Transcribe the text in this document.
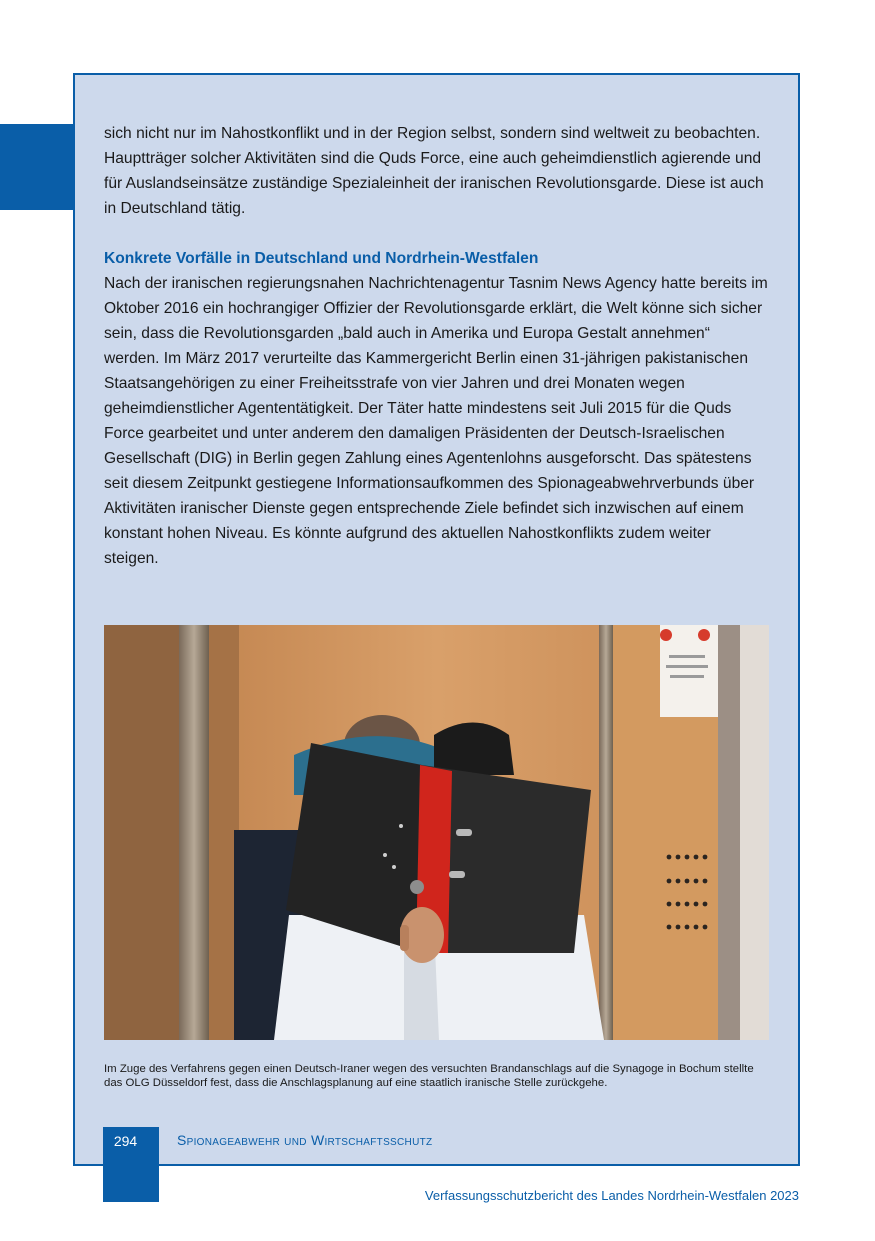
sich nicht nur im Nahostkonflikt und in der Region selbst, sondern sind weltweit zu beobachten. Hauptträger solcher Aktivitäten sind die Quds Force, eine auch geheimdienstlich agierende und für Auslandseinsätze zuständige Spezialeinheit der iranischen Revolutionsgarde. Diese ist auch in Deutschland tätig.

Konkrete Vorfälle in Deutschland und Nordrhein-Westfalen

Nach der iranischen regierungsnahen Nachrichtenagentur Tasnim News Agency hatte bereits im Oktober 2016 ein hochrangiger Offizier der Revolutionsgarde erklärt, die Welt könne sich sicher sein, dass die Revolutionsgarden „bald auch in Amerika und Europa Gestalt annehmen“ werden. Im März 2017 verurteilte das Kammergericht Berlin einen 31-jährigen pakistanischen Staatsangehörigen zu einer Freiheitsstrafe von vier Jahren und drei Monaten wegen geheimdienstlicher Agententätigkeit. Der Täter hatte mindestens seit Juli 2015 für die Quds Force gearbeitet und unter anderem den damaligen Präsidenten der Deutsch-Israelischen Gesellschaft (DIG) in Berlin gegen Zahlung eines Agentenlohns ausgeforscht. Das spätestens seit diesem Zeitpunkt gestiegene Informationsaufkommen des Spionageabwehrverbunds über Aktivitäten iranischer Dienste gegen entsprechende Ziele befindet sich inzwischen auf einem konstant hohen Niveau. Es könnte aufgrund des aktuellen Nahostkonflikts zudem weiter steigen.

Im Zuge des Verfahrens gegen einen Deutsch-Iraner wegen des versuchten Brandanschlags auf die Synagoge in Bochum stellte das OLG Düsseldorf fest, dass die Anschlagsplanung auf eine staatlich iranische Stelle zurückgehe.

294	Spionageabwehr und Wirtschaftsschutz

Verfassungsschutzbericht des Landes Nordrhein-Westfalen 2023
